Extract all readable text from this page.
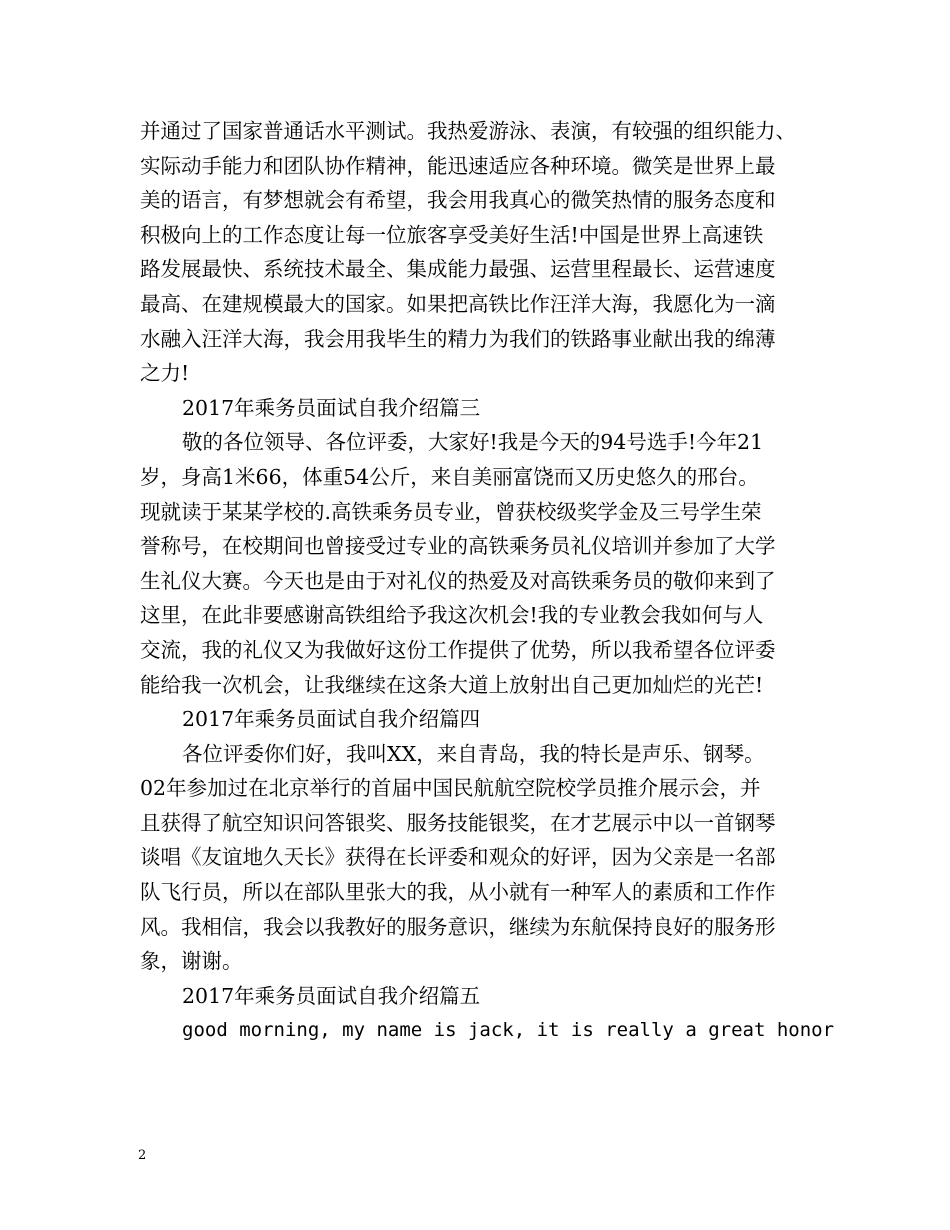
并通过了国家普通话水平测试。我热爱游泳、表演，有较强的组织能力、
实际动手能力和团队协作精神，能迅速适应各种环境。微笑是世界上最
美的语言，有梦想就会有希望，我会用我真心的微笑热情的服务态度和
积极向上的工作态度让每一位旅客享受美好生活!中国是世界上高速铁
路发展最快、系统技术最全、集成能力最强、运营里程最长、运营速度
最高、在建规模最大的国家。如果把高铁比作汪洋大海，我愿化为一滴
水融入汪洋大海，我会用我毕生的精力为我们的铁路事业献出我的绵薄
之力!
2017年乘务员面试自我介绍篇三
敬的各位领导、各位评委，大家好!我是今天的94号选手!今年21
岁，身高1米66，体重54公斤，来自美丽富饶而又历史悠久的邢台。
现就读于某某学校的.高铁乘务员专业，曾获校级奖学金及三号学生荣
誉称号，在校期间也曾接受过专业的高铁乘务员礼仪培训并参加了大学
生礼仪大赛。今天也是由于对礼仪的热爱及对高铁乘务员的敬仰来到了
这里，在此非要感谢高铁组给予我这次机会!我的专业教会我如何与人
交流，我的礼仪又为我做好这份工作提供了优势，所以我希望各位评委
能给我一次机会，让我继续在这条大道上放射出自己更加灿烂的光芒!
2017年乘务员面试自我介绍篇四
各位评委你们好，我叫XX，来自青岛，我的特长是声乐、钢琴。
02年参加过在北京举行的首届中国民航航空院校学员推介展示会，并
且获得了航空知识问答银奖、服务技能银奖，在才艺展示中以一首钢琴
谈唱《友谊地久天长》获得在长评委和观众的好评，因为父亲是一名部
队飞行员，所以在部队里张大的我，从小就有一种军人的素质和工作作
风。我相信，我会以我教好的服务意识，继续为东航保持良好的服务形
象，谢谢。
2017年乘务员面试自我介绍篇五
good morning, my name is jack, it is really a great honor
2
